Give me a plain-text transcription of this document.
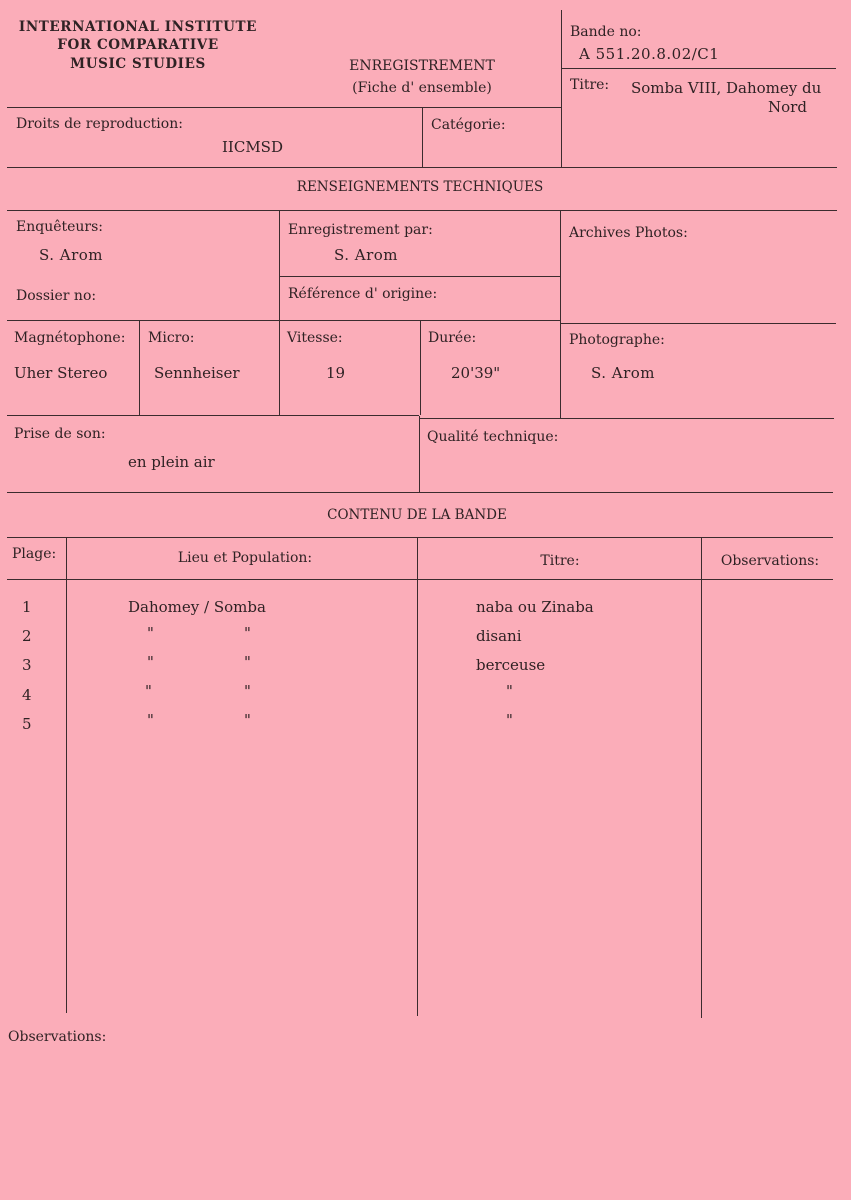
INTERNATIONAL INSTITUTE
FOR COMPARATIVE
MUSIC STUDIES	ENREGISTREMENT
(Fiche d' ensemble)
Bande no:
A 551.20.8.02/C1
Titre: Somba VIII, Dahomey du
Nord
Droits de reproduction:
IICMSD
Catégorie:
RENSEIGNEMENTS TECHNIQUES
Enquêteurs:
S. Arom
Dossier no:
Enregistrement par:
S. Arom
Référence d' origine:
Archives Photos:
Magnétophone:
Uher Stereo
Micro:
Sennheiser
Vitesse:
19
Durée:
20'39"
Photographe:
S. Arom
Prise de son:
en plein air
Qualité technique:
CONTENU DE LA BANDE
Plage:	Lieu et Population:	Titre:	Observations:
1	Dahomey / Somba	naba ou Zinaba
2	"	"	disani
3	"	"	berceuse
4	"	"	"
5	"	"	"
Observations:
